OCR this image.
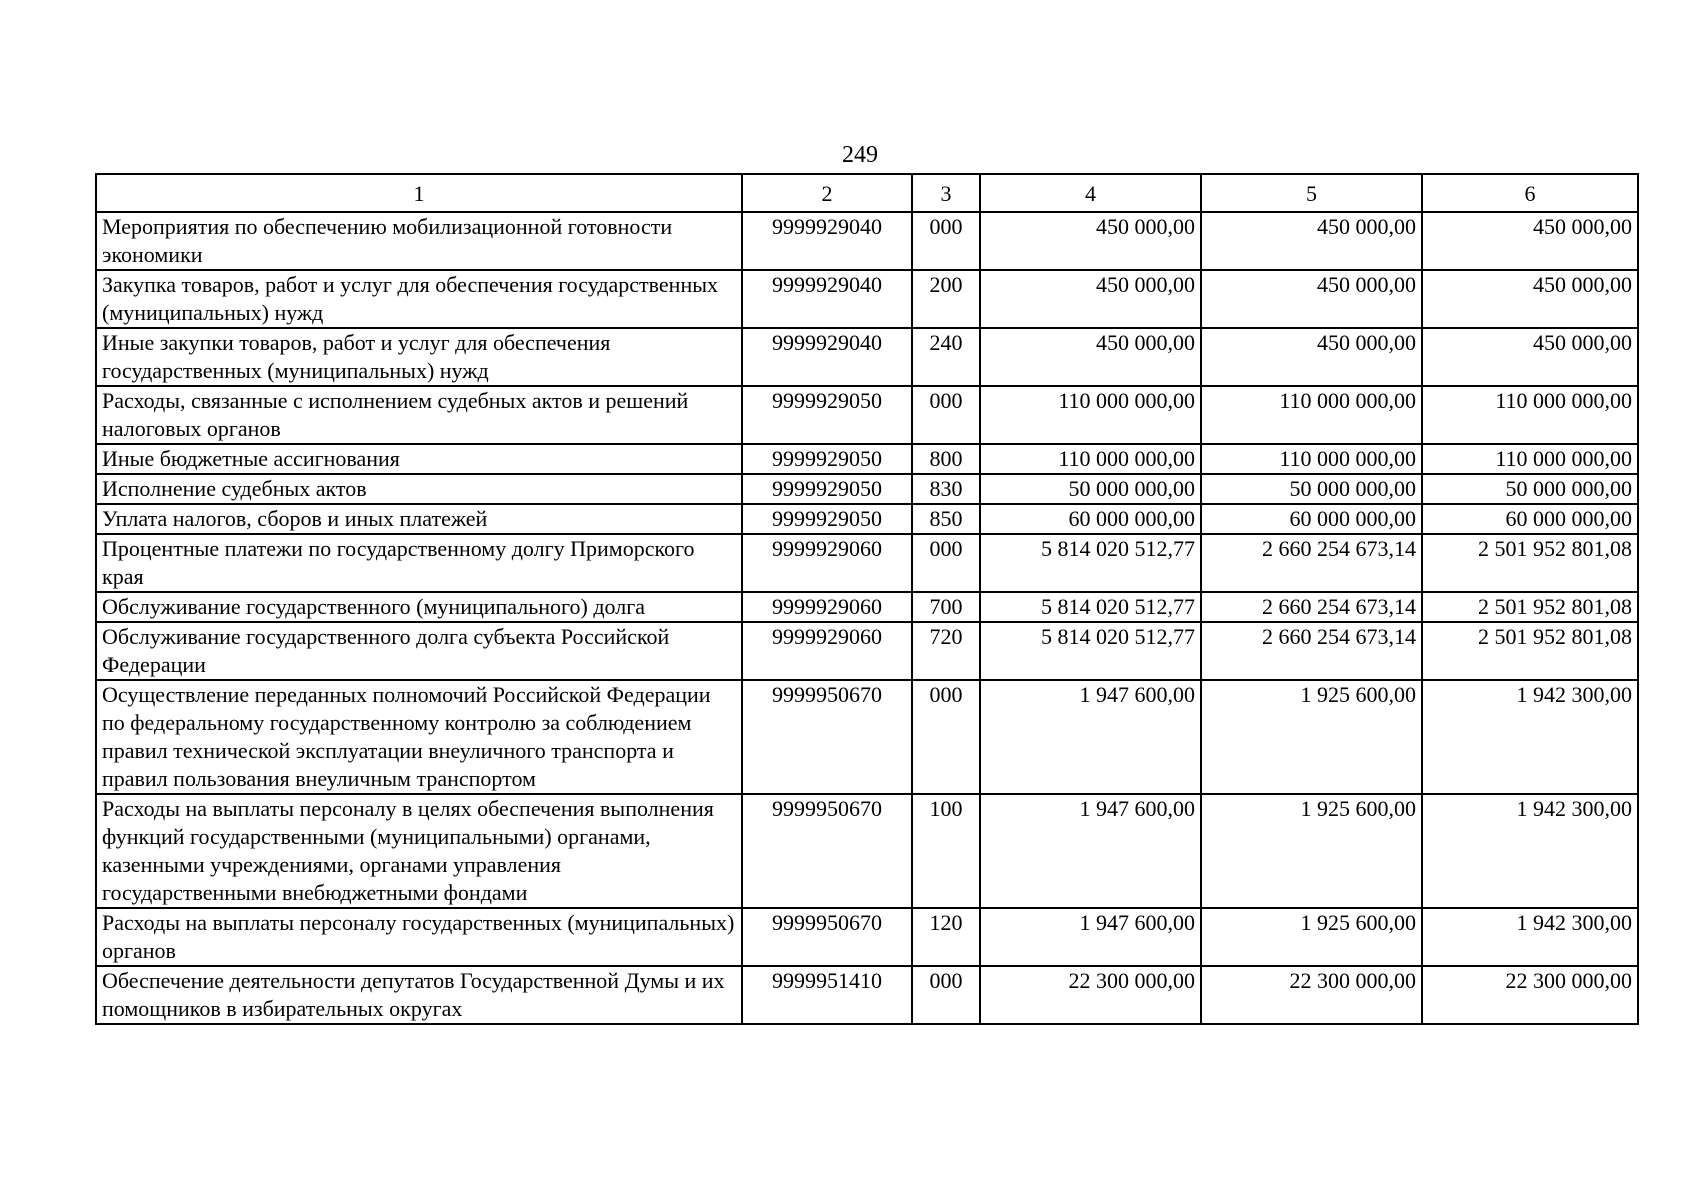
249
1	2	3	4	5	6
Мероприятия по обеспечению мобилизационной готовности экономики	9999929040	000	450 000,00	450 000,00	450 000,00
Закупка товаров, работ и услуг для обеспечения государственных (муниципальных) нужд	9999929040	200	450 000,00	450 000,00	450 000,00
Иные закупки товаров, работ и услуг для обеспечения государственных (муниципальных) нужд	9999929040	240	450 000,00	450 000,00	450 000,00
Расходы, связанные с исполнением судебных актов и решений налоговых органов	9999929050	000	110 000 000,00	110 000 000,00	110 000 000,00
Иные бюджетные ассигнования	9999929050	800	110 000 000,00	110 000 000,00	110 000 000,00
Исполнение судебных актов	9999929050	830	50 000 000,00	50 000 000,00	50 000 000,00
Уплата налогов, сборов и иных платежей	9999929050	850	60 000 000,00	60 000 000,00	60 000 000,00
Процентные платежи по государственному долгу Приморского края	9999929060	000	5 814 020 512,77	2 660 254 673,14	2 501 952 801,08
Обслуживание государственного (муниципального) долга	9999929060	700	5 814 020 512,77	2 660 254 673,14	2 501 952 801,08
Обслуживание государственного долга субъекта Российской Федерации	9999929060	720	5 814 020 512,77	2 660 254 673,14	2 501 952 801,08
Осуществление переданных полномочий Российской Федерации по федеральному государственному контролю за соблюдением правил технической эксплуатации внеуличного транспорта и правил пользования внеуличным транспортом	9999950670	000	1 947 600,00	1 925 600,00	1 942 300,00
Расходы на выплаты персоналу в целях обеспечения выполнения функций государственными (муниципальными) органами, казенными учреждениями, органами управления государственными внебюджетными фондами	9999950670	100	1 947 600,00	1 925 600,00	1 942 300,00
Расходы на выплаты персоналу государственных (муниципальных) органов	9999950670	120	1 947 600,00	1 925 600,00	1 942 300,00
Обеспечение деятельности депутатов Государственной Думы и их помощников в избирательных округах	9999951410	000	22 300 000,00	22 300 000,00	22 300 000,00
